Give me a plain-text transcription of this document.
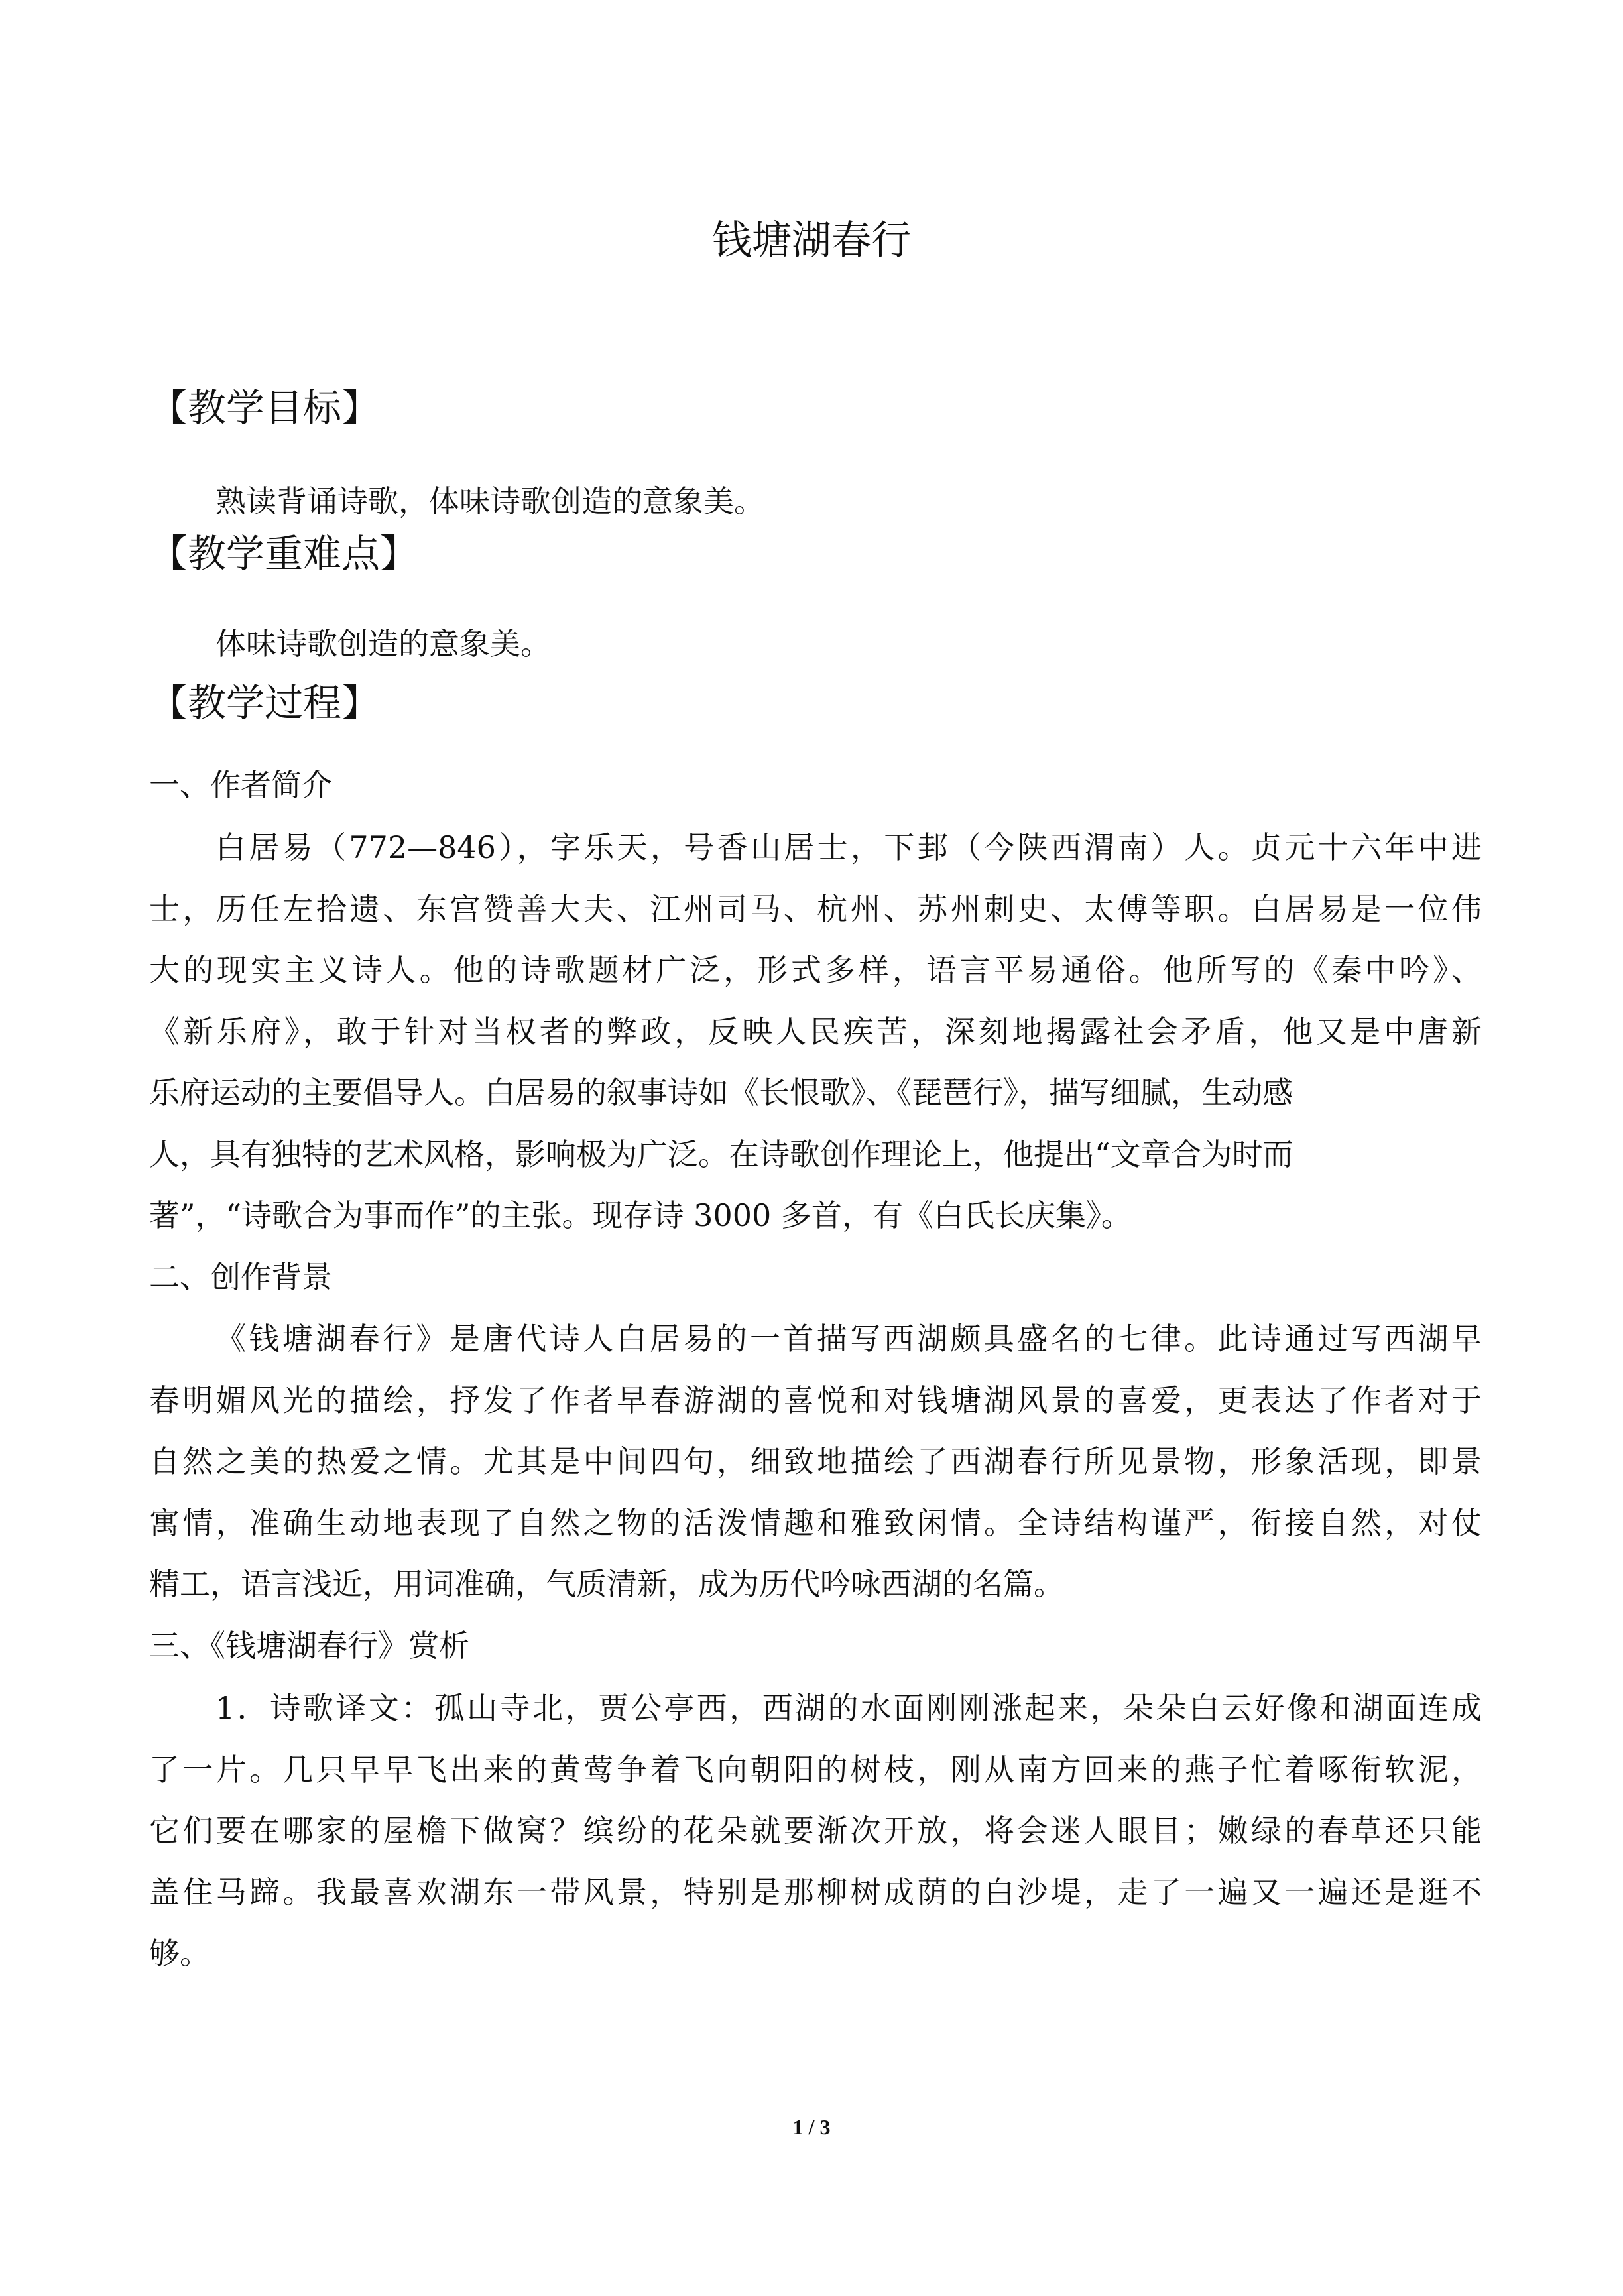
钱塘湖春行
【教学目标】

熟读背诵诗歌，体味诗歌创造的意象美。

【教学重难点】

体味诗歌创造的意象美。

【教学过程】

一、作者简介

白居易（772—846），字乐天，号香山居士，下邽（今陕西渭南）人。贞元十六年中进
士，历任左拾遗、东宫赞善大夫、江州司马、杭州、苏州刺史、太傅等职。白居易是一位伟
大的现实主义诗人。他的诗歌题材广泛，形式多样，语言平易通俗。他所写的《秦中吟》、
《新乐府》，敢于针对当权者的弊政，反映人民疾苦，深刻地揭露社会矛盾，他又是中唐新
乐府运动的主要倡导人。白居易的叙事诗如《长恨歌》、《琵琶行》，描写细腻，生动感
人，具有独特的艺术风格，影响极为广泛。在诗歌创作理论上，他提出“文章合为时而
著”，“诗歌合为事而作”的主张。现存诗 3000 多首，有《白氏长庆集》。

二、创作背景

《钱塘湖春行》是唐代诗人白居易的一首描写西湖颇具盛名的七律。此诗通过写西湖早
春明媚风光的描绘，抒发了作者早春游湖的喜悦和对钱塘湖风景的喜爱，更表达了作者对于
自然之美的热爱之情。尤其是中间四句，细致地描绘了西湖春行所见景物，形象活现，即景
寓情，准确生动地表现了自然之物的活泼情趣和雅致闲情。全诗结构谨严，衔接自然，对仗
精工，语言浅近，用词准确，气质清新，成为历代吟咏西湖的名篇。

三、《钱塘湖春行》赏析

1．诗歌译文：孤山寺北，贾公亭西，西湖的水面刚刚涨起来，朵朵白云好像和湖面连成
了一片。几只早早飞出来的黄莺争着飞向朝阳的树枝，刚从南方回来的燕子忙着啄衔软泥，
它们要在哪家的屋檐下做窝？缤纷的花朵就要渐次开放，将会迷人眼目；嫩绿的春草还只能
盖住马蹄。我最喜欢湖东一带风景，特别是那柳树成荫的白沙堤，走了一遍又一遍还是逛不
够。
1 / 3
